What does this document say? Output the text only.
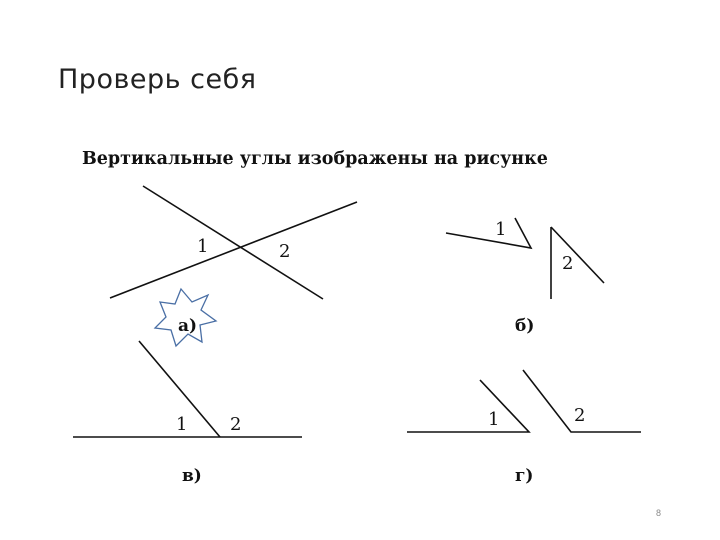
Проверь себя
Вертикальные углы изображены на рисунке
1	2
а)
1
2
б)
1 2
в)
1	2
г)
8
